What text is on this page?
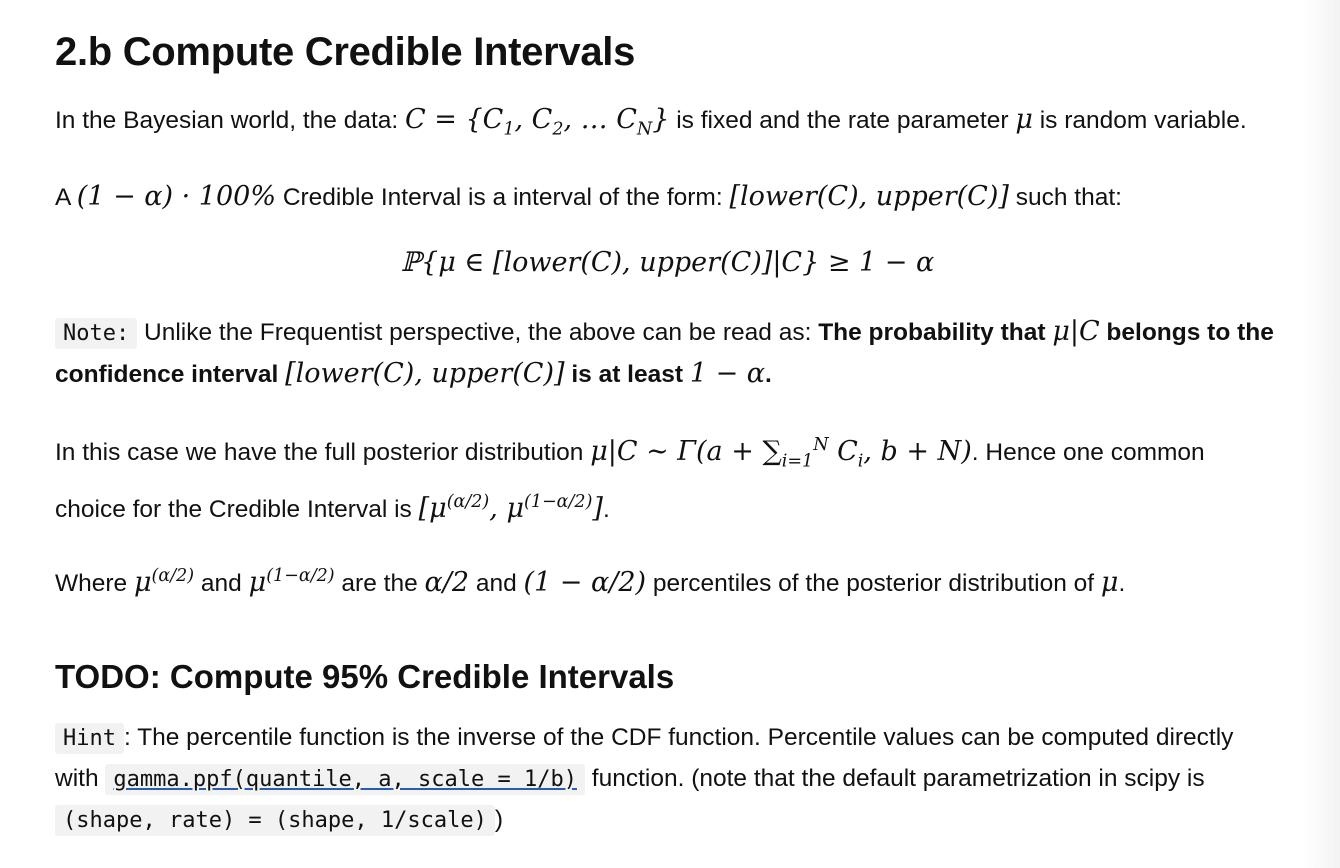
2.b Compute Credible Intervals

In the Bayesian world, the data: $C = \{C_1$, $C_2$, … $C_N$} is fixed and the rate parameter μ is random variable.

A (1 − α) · 100% Credible Interval is a interval of the form: [lower(C), upper(C)] such that:

ℙ{μ ∈ [lower(C), upper(C)]|C} ≥ 1 − α

Note: Unlike the Frequentist perspective, the above can be read as: The probability that μ|C belongs to the confidence interval [lower(C), upper(C)] is at least 1 − α.

In this case we have the full posterior distribution μ|C ∼ $\Gamma(a + \sum_{i=1}^N$ $C_i$, b + N). Hence one common choice for the Credible Interval is [$\mu^{(\alpha/2)}$, $\mu^{(1-\alpha/2)}$].

Where $\mu^{(\alpha/2)}$ and $\mu^{(1-\alpha/2)}$ are the α/2 and (1 − α/2) percentiles of the posterior distribution of μ.

TODO: Compute 95% Credible Intervals

Hint : The percentile function is the inverse of the CDF function. Percentile values can be computed directly with gamma.ppf(quantile, a, scale = 1/b) function. (note that the default parametrization in scipy is (shape, rate) = (shape, 1/scale) )
